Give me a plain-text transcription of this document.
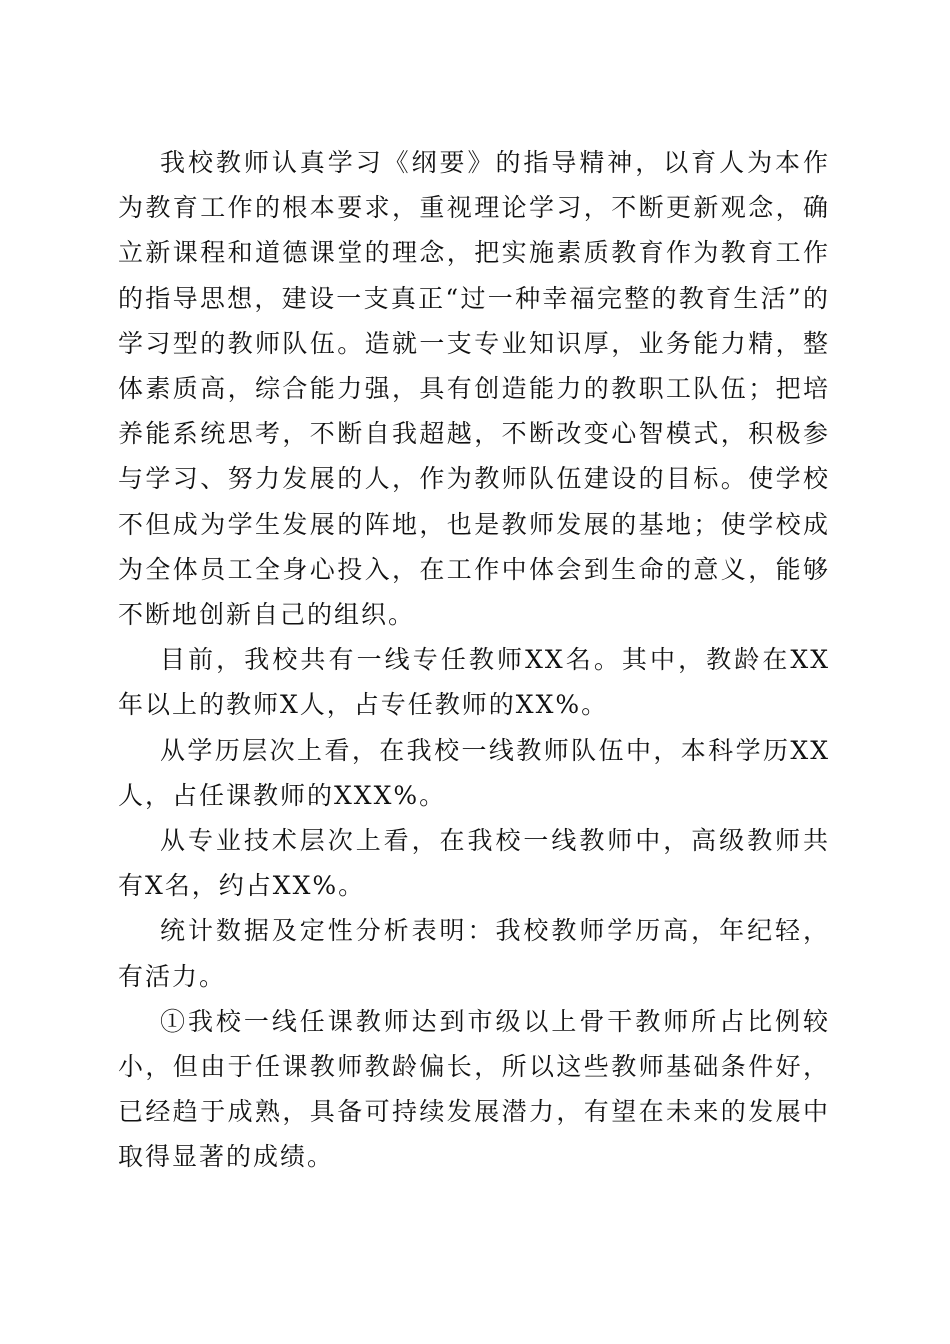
我校教师认真学习《纲要》的指导精神，以育人为本作为教育工作的根本要求，重视理论学习，不断更新观念，确立新课程和道德课堂的理念，把实施素质教育作为教育工作的指导思想，建设一支真正“过一种幸福完整的教育生活”的学习型的教师队伍。造就一支专业知识厚，业务能力精，整体素质高，综合能力强，具有创造能力的教职工队伍；把培养能系统思考，不断自我超越，不断改变心智模式，积极参与学习、努力发展的人，作为教师队伍建设的目标。使学校不但成为学生发展的阵地，也是教师发展的基地；使学校成为全体员工全身心投入，在工作中体会到生命的意义，能够不断地创新自己的组织。

目前，我校共有一线专任教师XX名。其中，教龄在XX年以上的教师X人，占专任教师的XX%。

从学历层次上看，在我校一线教师队伍中，本科学历XX人，占任课教师的XXX%。

从专业技术层次上看，在我校一线教师中，高级教师共有X名，约占XX%。

统计数据及定性分析表明：我校教师学历高，年纪轻，有活力。

①我校一线任课教师达到市级以上骨干教师所占比例较小，但由于任课教师教龄偏长，所以这些教师基础条件好，已经趋于成熟，具备可持续发展潜力，有望在未来的发展中取得显著的成绩。
